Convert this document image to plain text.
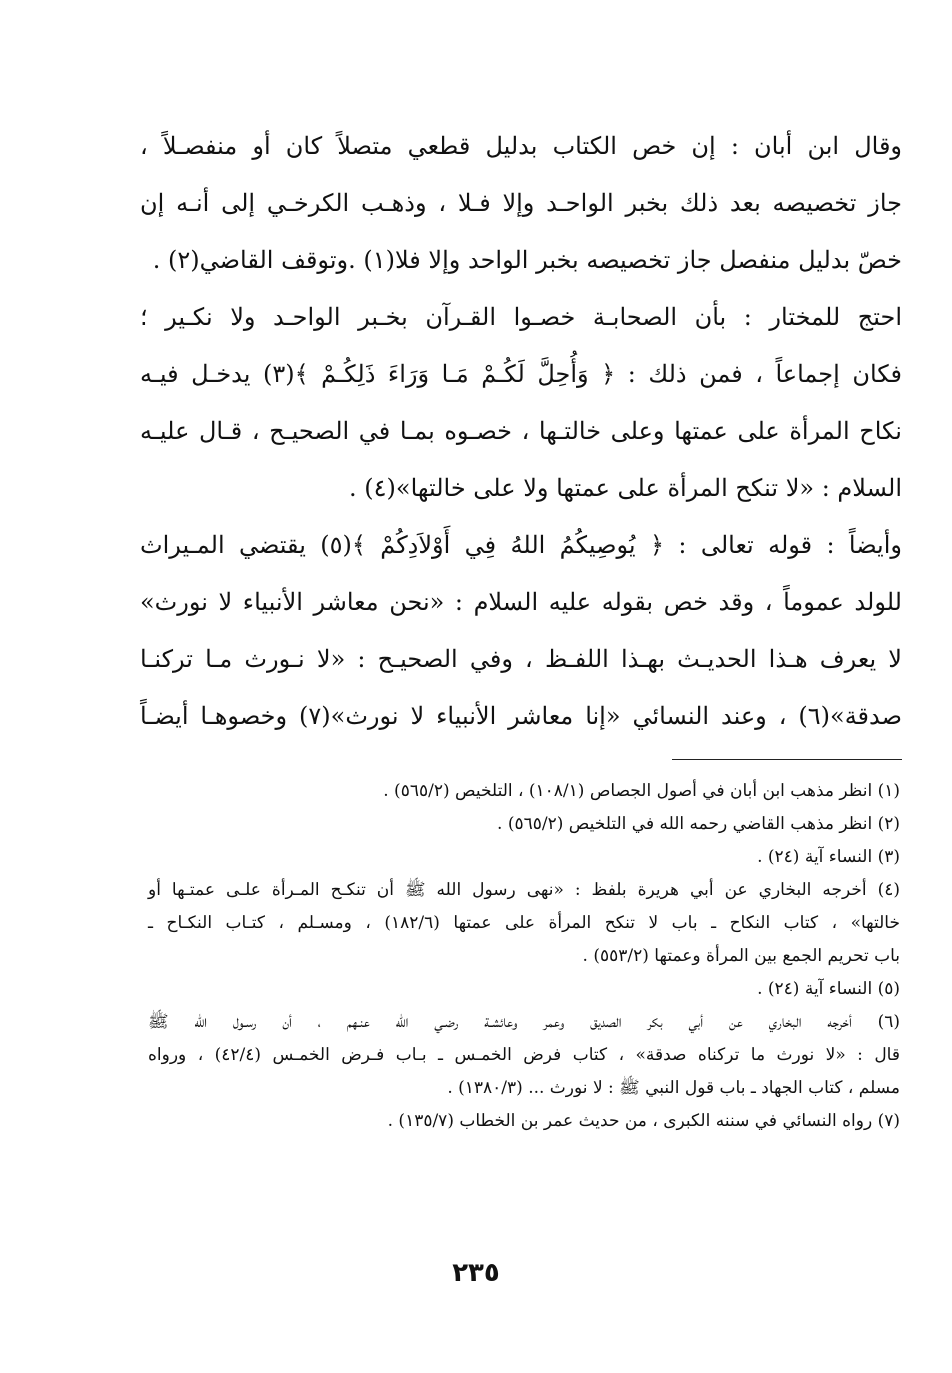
وقال ابن أبان : إن خص الكتاب بدليل قطعي متصلاً كان أو منفصـلاً ،
جاز تخصيصه بعد ذلك بخبر الواحـد وإلا فـلا ، وذهـب الكرخـي إلى أنـه إن
خصّ بدليل منفصل جاز تخصيصه بخبر الواحد وإلا فلا(١) .وتوقف القاضي(٢) .
احتج للمختار : بأن الصحابـة خصـوا القـرآن بخـبر الواحـد ولا نكـير ؛
فكان إجماعاً ، فمن ذلك : ﴿ وَأُحِلَّ لَكُـمْ مَـا وَرَاءَ ذَلِكُـمْ ﴾(٣) يدخـل فيـه
نكاح المرأة على عمتها وعلى خالتـها ، خصـوه بمـا في الصحيـح ، قـال عليـه
السلام : «لا تنكح المرأة على عمتها ولا على خالتها»(٤) .
وأيضاً : قوله تعالى : ﴿ يُوصِيكُمُ اللهُ فِي أَوْلاَدِكُمْ ﴾(٥) يقتضي المـيراث
للولد عموماً ، وقد خص بقوله عليه السلام : «نحن معاشر الأنبياء لا نورث»
لا يعرف هـذا الحديـث بهـذا اللفـظ ، وفي الصحيـح : «لا نـورث مـا تركنـا
صدقة»(٦) ، وعند النسائي «إنا معاشر الأنبياء لا نورث»(٧) وخصوهـا أيضـاً
(١) انظر مذهب ابن أبان في أصول الجصاص (١٠٨/١) ، التلخيص (٥٦٥/٢) .
(٢) انظر مذهب القاضي رحمه الله في التلخيص (٥٦٥/٢) .
(٣) النساء آية (٢٤) .
(٤) أخرجه البخاري عن أبي هريرة بلفظ : «نهى رسول الله ﷺ أن تنكـح المـرأة علـى عمتـها أو
خالتها» ، كتاب النكاح ـ باب لا تنكح المرأة على عمتها (١٨٢/٦) ، ومسـلم ، كتـاب النكـاح ـ
باب تحريم الجمع بين المرأة وعمتها (٥٥٣/٢) .
(٥) النساء آية (٢٤) .
(٦) أخرجه البخاري عن أبي بكر الصديق وعمر وعائشـة رضـي الله عنـهم ، أن رسـول الله ﷺ
قال : «لا نورث ما تركناه صدقة» ، كتاب فرض الخمـس ـ بـاب فـرض الخمـس (٤٢/٤) ، ورواه
مسلم ، كتاب الجهاد ـ باب قول النبي ﷺ : لا نورث ... (١٣٨٠/٣) .
(٧) رواه النسائي في سننه الكبرى ، من حديث عمر بن الخطاب (١٣٥/٧) .
٢٣٥
